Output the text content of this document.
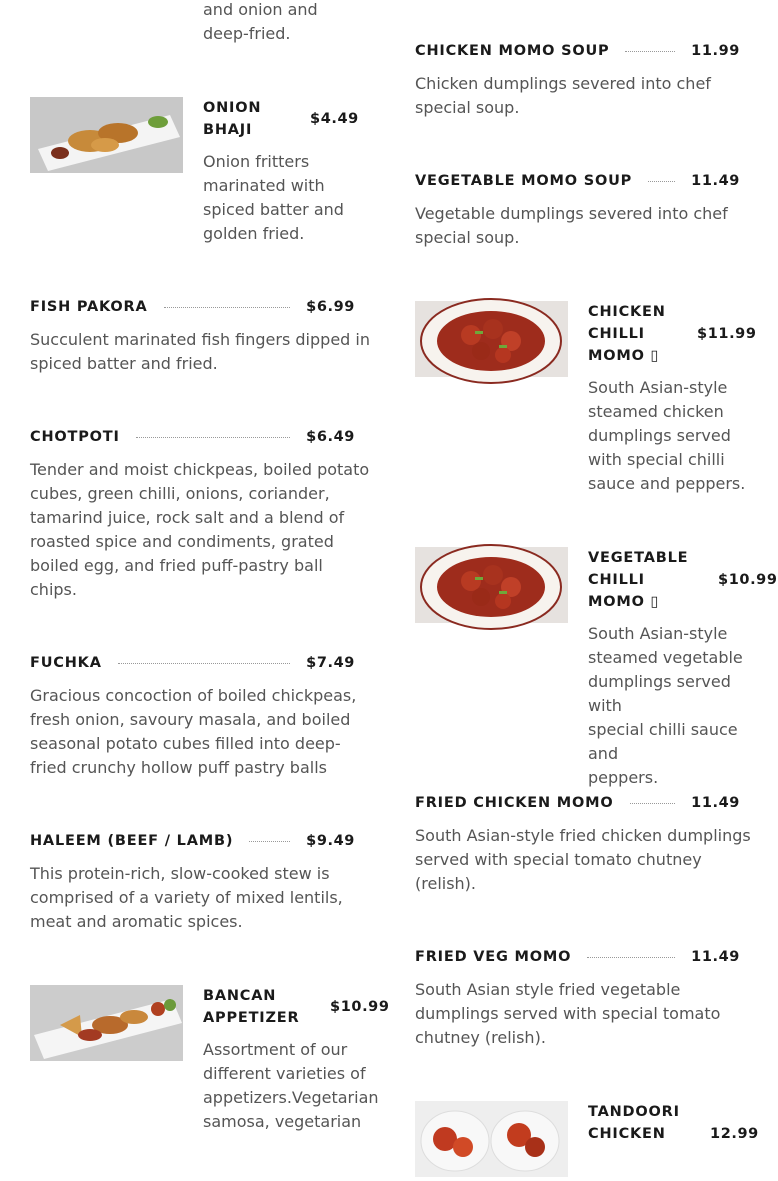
and onion and
deep-fried.
ONION
BHAJI
$4.49
Onion fritters
marinated with
spiced batter and
golden fried.
FISH PAKORA	$6.99
Succulent marinated fish fingers dipped in
spiced batter and fried.
CHOTPOTI	$6.49
Tender and moist chickpeas, boiled potato
cubes, green chilli, onions, coriander,
tamarind juice, rock salt and a blend of
roasted spice and condiments, grated
boiled egg, and fried puff-pastry ball
chips.
FUCHKA	$7.49
Gracious concoction of boiled chickpeas,
fresh onion, savoury masala, and boiled
seasonal potato cubes filled into deep-
fried crunchy hollow puff pastry balls
HALEEM (BEEF / LAMB)	$9.49
This protein-rich, slow-cooked stew is
comprised of a variety of mixed lentils,
meat and aromatic spices.
BANCAN
APPETIZER
$10.99
Assortment of our
different varieties of
appetizers.Vegetarian
samosa, vegetarian
CHICKEN MOMO SOUP	11.99
Chicken dumplings severed into chef
special soup.
VEGETABLE MOMO SOUP	11.49
Vegetable dumplings severed into chef
special soup.
CHICKEN
CHILLI
MOMO ▯
$11.99
South Asian-style
steamed chicken
dumplings served
with special chilli
sauce and peppers.
VEGETABLE
CHILLI
MOMO ▯
$10.99
South Asian-style
steamed vegetable
dumplings served with
special chilli sauce and
peppers.
FRIED CHICKEN MOMO	11.49
South Asian-style fried chicken dumplings
served with special tomato chutney
(relish).
FRIED VEG MOMO	11.49
South Asian style fried vegetable
dumplings served with special tomato
chutney (relish).
TANDOORI
CHICKEN	12.99
